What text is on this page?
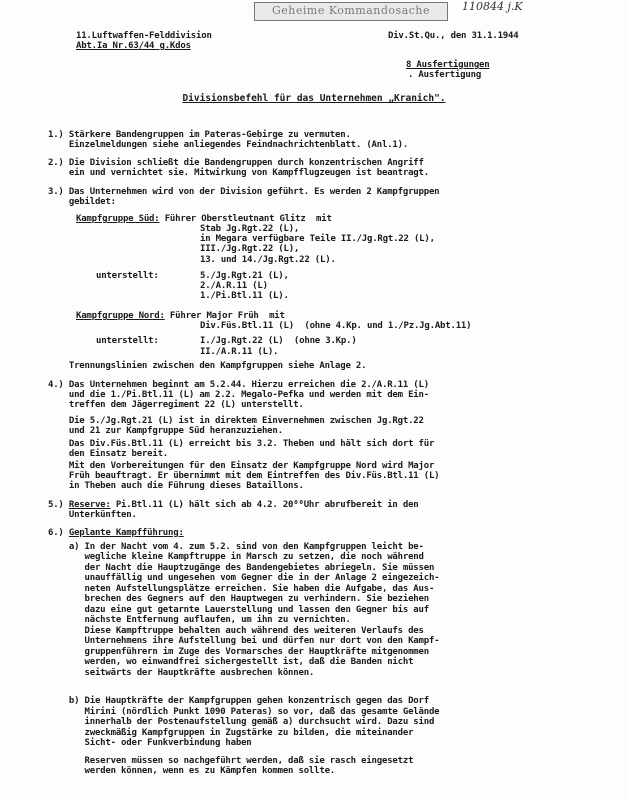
Geheime Kommandosache	110844 j.K
11.Luftwaffen-Felddivision
Abt.Ia Nr.63/44 g.Kdos
Div.St.Qu., den 31.1.1944
8 Ausfertigungen
. Ausfertigung
Divisionsbefehl für das Unternehmen „Kranich".
1.) Stärkere Bandengruppen im Pateras-Gebirge zu vermuten.
Einzelmeldungen siehe anliegendes Feindnachrichtenblatt. (Anl.1).
2.) Die Division schließt die Bandengruppen durch konzentrischen Angriff
ein und vernichtet sie. Mitwirkung von Kampfflugzeugen ist beantragt.
3.) Das Unternehmen wird von der Division geführt. Es werden 2 Kampfgruppen
gebildet:
Kampfgruppe Süd: Führer Oberstleutnant Glitz  mit
Stab Jg.Rgt.22 (L),
in Megara verfügbare Teile II./Jg.Rgt.22 (L),
III./Jg.Rgt.22 (L),
13. und 14./Jg.Rgt.22 (L).
unterstellt:	5./Jg.Rgt.21 (L),
2./A.R.11 (L)
1./Pi.Btl.11 (L).
Kampfgruppe Nord: Führer Major Früh  mit
Div.Füs.Btl.11 (L)  (ohne 4.Kp. und 1./Pz.Jg.Abt.11)
unterstellt:	I./Jg.Rgt.22 (L)  (ohne 3.Kp.)
II./A.R.11 (L).
Trennungslinien zwischen den Kampfgruppen siehe Anlage 2.
4.) Das Unternehmen beginnt am 5.2.44. Hierzu erreichen die 2./A.R.11 (L)
und die 1./Pi.Btl.11 (L) am 2.2. Megalo-Pefka und werden mit dem Ein-
treffen dem Jägerregiment 22 (L) unterstellt.
Die 5./Jg.Rgt.21 (L) ist in direktem Einvernehmen zwischen Jg.Rgt.22
und 21 zur Kampfgruppe Süd heranzuziehen.
Das Div.Füs.Btl.11 (L) erreicht bis 3.2. Theben und hält sich dort für
den Einsatz bereit.
Mit den Vorbereitungen für den Einsatz der Kampfgruppe Nord wird Major
Früh beauftragt. Er übernimmt mit dem Eintreffen des Div.Füs.Btl.11 (L)
in Theben auch die Führung dieses Bataillons.
5.) Reserve: Pi.Btl.11 (L) hält sich ab 4.2. 20⁰⁰Uhr abrufbereit in den
Unterkünften.
6.) Geplante Kampfführung:
a) In der Nacht vom 4. zum 5.2. sind von den Kampfgruppen leicht be-
wegliche kleine Kampftruppe in Marsch zu setzen, die noch während
der Nacht die Hauptzugänge des Bandengebietes abriegeln. Sie müssen
unauffällig und ungesehen vom Gegner die in der Anlage 2 eingezeich-
neten Aufstellungsplätze erreichen. Sie haben die Aufgabe, das Aus-
brechen des Gegners auf den Hauptwegen zu verhindern. Sie beziehen
dazu eine gut getarnte Lauerstellung und lassen den Gegner bis auf
nächste Entfernung auflaufen, um ihn zu vernichten.
Diese Kampftruppe behalten auch während des weiteren Verlaufs des
Unternehmens ihre Aufstellung bei und dürfen nur dort von den Kampf-
gruppenführern im Zuge des Vormarsches der Hauptkräfte mitgenommen
werden, wo einwandfrei sichergestellt ist, daß die Banden nicht
seitwärts der Hauptkräfte ausbrechen können.
b) Die Hauptkräfte der Kampfgruppen gehen konzentrisch gegen das Dorf
Mirini (nördlich Punkt 1090 Pateras) so vor, daß das gesamte Gelände
innerhalb der Postenaufstellung gemäß a) durchsucht wird. Dazu sind
zweckmäßig Kampfgruppen in Zugstärke zu bilden, die miteinander
Sicht- oder Funkverbindung haben
Reserven müssen so nachgeführt werden, daß sie rasch eingesetzt
werden können, wenn es zu Kämpfen kommen sollte.
